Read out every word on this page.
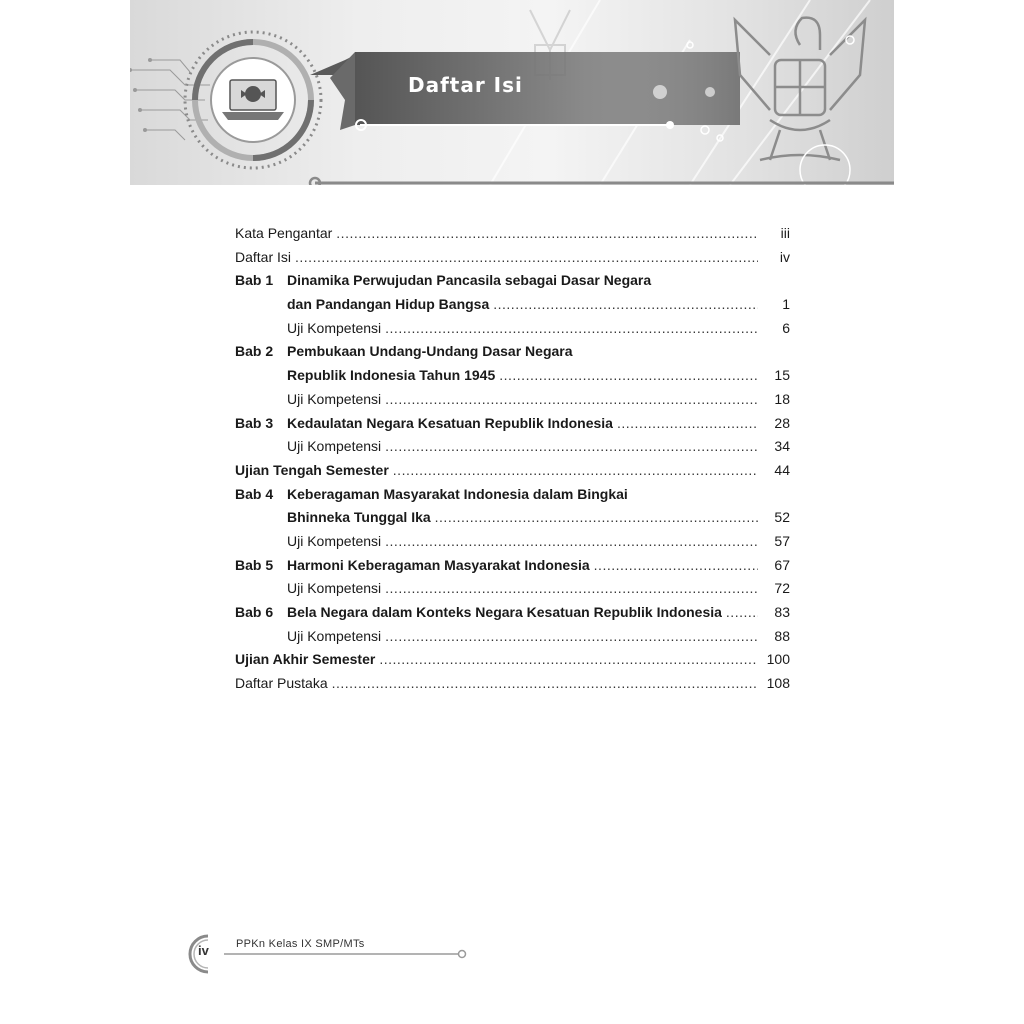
Daftar Isi
Kata Pengantar .....	iii
Daftar Isi .....	iv
Bab 1 Dinamika Perwujudan Pancasila sebagai Dasar Negara
dan Pandangan Hidup Bangsa .....	1
Uji Kompetensi .....	6
Bab 2 Pembukaan Undang-Undang Dasar Negara
Republik Indonesia Tahun 1945 .....	15
Uji Kompetensi .....	18
Bab 3 Kedaulatan Negara Kesatuan Republik Indonesia .....	28
Uji Kompetensi .....	34
Ujian Tengah Semester .....	44
Bab 4 Keberagaman Masyarakat Indonesia dalam Bingkai
Bhinneka Tunggal Ika .....	52
Uji Kompetensi .....	57
Bab 5 Harmoni Keberagaman Masyarakat Indonesia .....	67
Uji Kompetensi .....	72
Bab 6 Bela Negara dalam Konteks Negara Kesatuan Republik Indonesia .....	83
Uji Kompetensi .....	88
Ujian Akhir Semester .....	100
Daftar Pustaka .....	108
iv PPKn Kelas IX SMP/MTs
